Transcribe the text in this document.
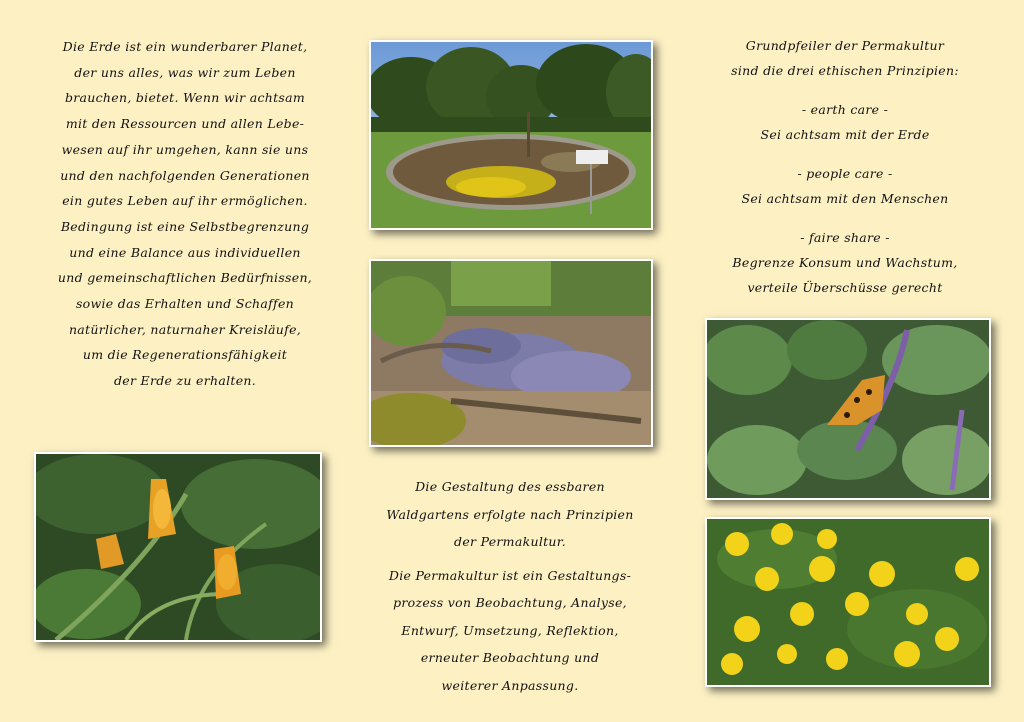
Die Erde ist ein wunderbarer Planet,
der uns alles, was wir zum Leben
brauchen, bietet. Wenn wir achtsam
mit den Ressourcen und allen Lebe-
wesen auf ihr umgehen, kann sie uns
und den nachfolgenden Generationen
ein gutes Leben auf ihr ermöglichen.
Bedingung ist eine Selbstbegrenzung
und eine Balance aus individuellen
und gemeinschaftlichen Bedürfnissen,
sowie das Erhalten und Schaffen
natürlicher, naturnaher Kreisläufe,
um die Regenerationsfähigkeit
der Erde zu erhalten.
Grundpfeiler der Permakultur
sind die drei ethischen Prinzipien:
- earth care -
Sei achtsam mit der Erde
- people care -
Sei achtsam mit den Menschen
- faire share -
Begrenze Konsum und Wachstum,
verteile Überschüsse gerecht
Die Gestaltung des essbaren
Waldgartens erfolgte nach Prinzipien
der Permakultur.
Die Permakultur ist ein Gestaltungs-
prozess von Beobachtung, Analyse,
Entwurf, Umsetzung, Reflektion,
erneuter Beobachtung und
weiterer Anpassung.
